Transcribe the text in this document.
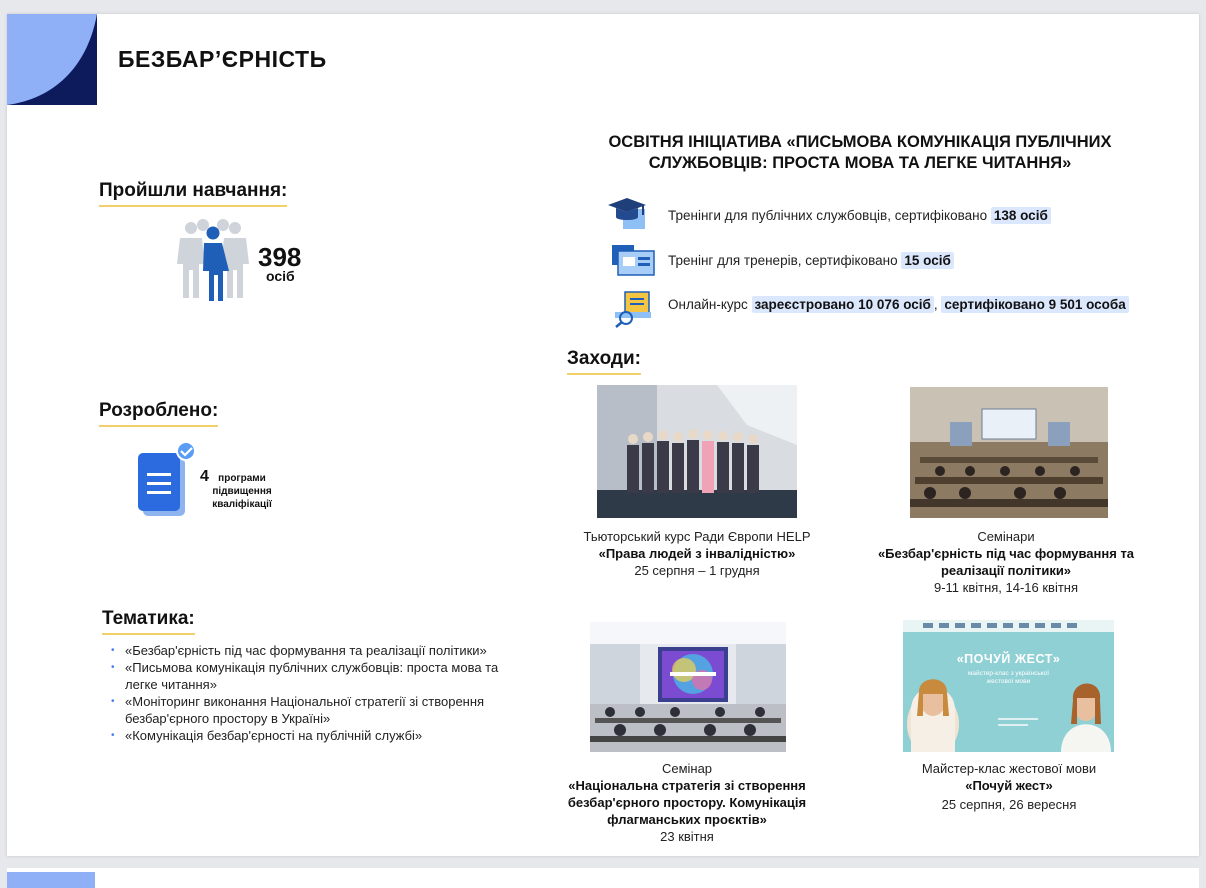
БЕЗБАР’ЄРНІСТЬ
Пройшли навчання:
398
осіб
Розроблено:
4 програми підвищення кваліфікації
Тематика:
• «Безбар'єрність під час формування та реалізації політики»
• «Письмова комунікація публічних службовців: проста мова та легке читання»
• «Моніторинг виконання Національної стратегії зі створення безбар'єрного простору в Україні»
• «Комунікація безбар'єрності на публічній службі»
ОСВІТНЯ ІНІЦІАТИВА «ПИСЬМОВА КОМУНІКАЦІЯ ПУБЛІЧНИХ СЛУЖБОВЦІВ: ПРОСТА МОВА ТА ЛЕГКЕ ЧИТАННЯ»
Тренінги для публічних службовців, сертифіковано 138 осіб
Тренінг для тренерів, сертифіковано 15 осіб
Онлайн-курс зареєстровано 10 076 осіб , сертифіковано 9 501 особа
Заходи:
Тьюторський курс Ради Європи HELP
«Права людей з інвалідністю»
25 серпня – 1 грудня
Семінари
«Безбар'єрність під час формування та реалізації політики»
9-11 квітня, 14-16 квітня
Семінар
«Національна стратегія зі створення безбар'єрного простору. Комунікація флагманських проєктів»
23 квітня
«ПОЧУЙ ЖЕСТ»
майстер-клас з української жестової мови
Майстер-клас жестової мови
«Почуй жест»
25 серпня, 26 вересня
